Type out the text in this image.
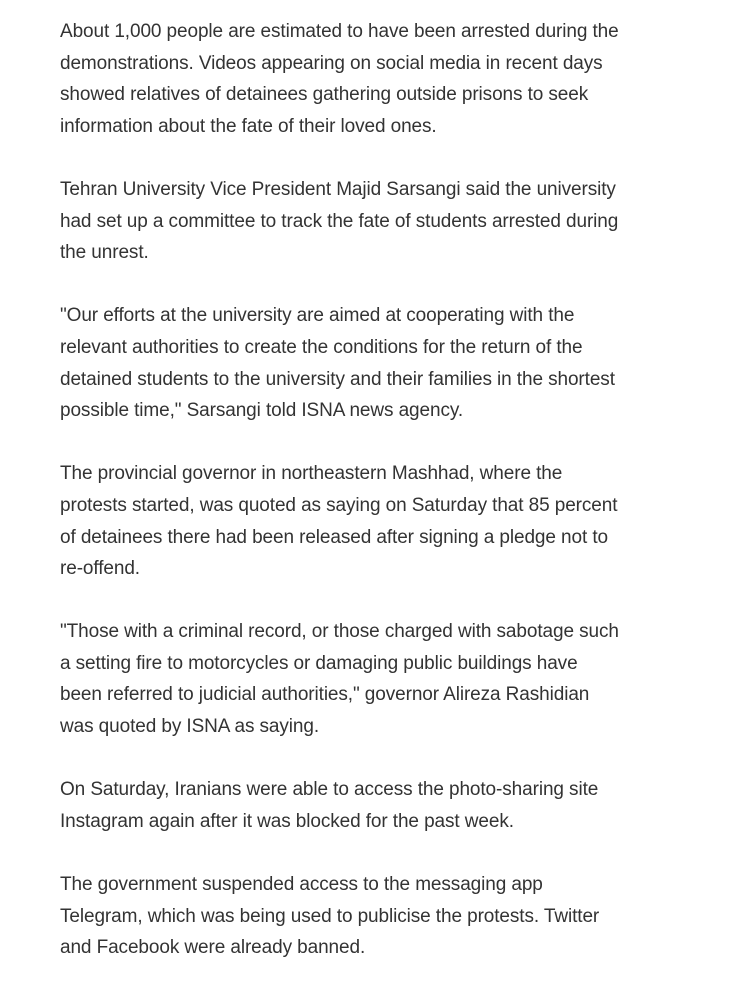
About 1,000 people are estimated to have been arrested during the
demonstrations. Videos appearing on social media in recent days
showed relatives of detainees gathering outside prisons to seek
information about the fate of their loved ones.

Tehran University Vice President Majid Sarsangi said the university
had set up a committee to track the fate of students arrested during
the unrest.

"Our efforts at the university are aimed at cooperating with the
relevant authorities to create the conditions for the return of the
detained students to the university and their families in the shortest
possible time," Sarsangi told ISNA news agency.

The provincial governor in northeastern Mashhad, where the
protests started, was quoted as saying on Saturday that 85 percent
of detainees there had been released after signing a pledge not to
re-offend.

"Those with a criminal record, or those charged with sabotage such
a setting fire to motorcycles or damaging public buildings have
been referred to judicial authorities," governor Alireza Rashidian
was quoted by ISNA as saying.

On Saturday, Iranians were able to access the photo-sharing site
Instagram again after it was blocked for the past week.

The government suspended access to the messaging app
Telegram, which was being used to publicise the protests. Twitter
and Facebook were already banned.
